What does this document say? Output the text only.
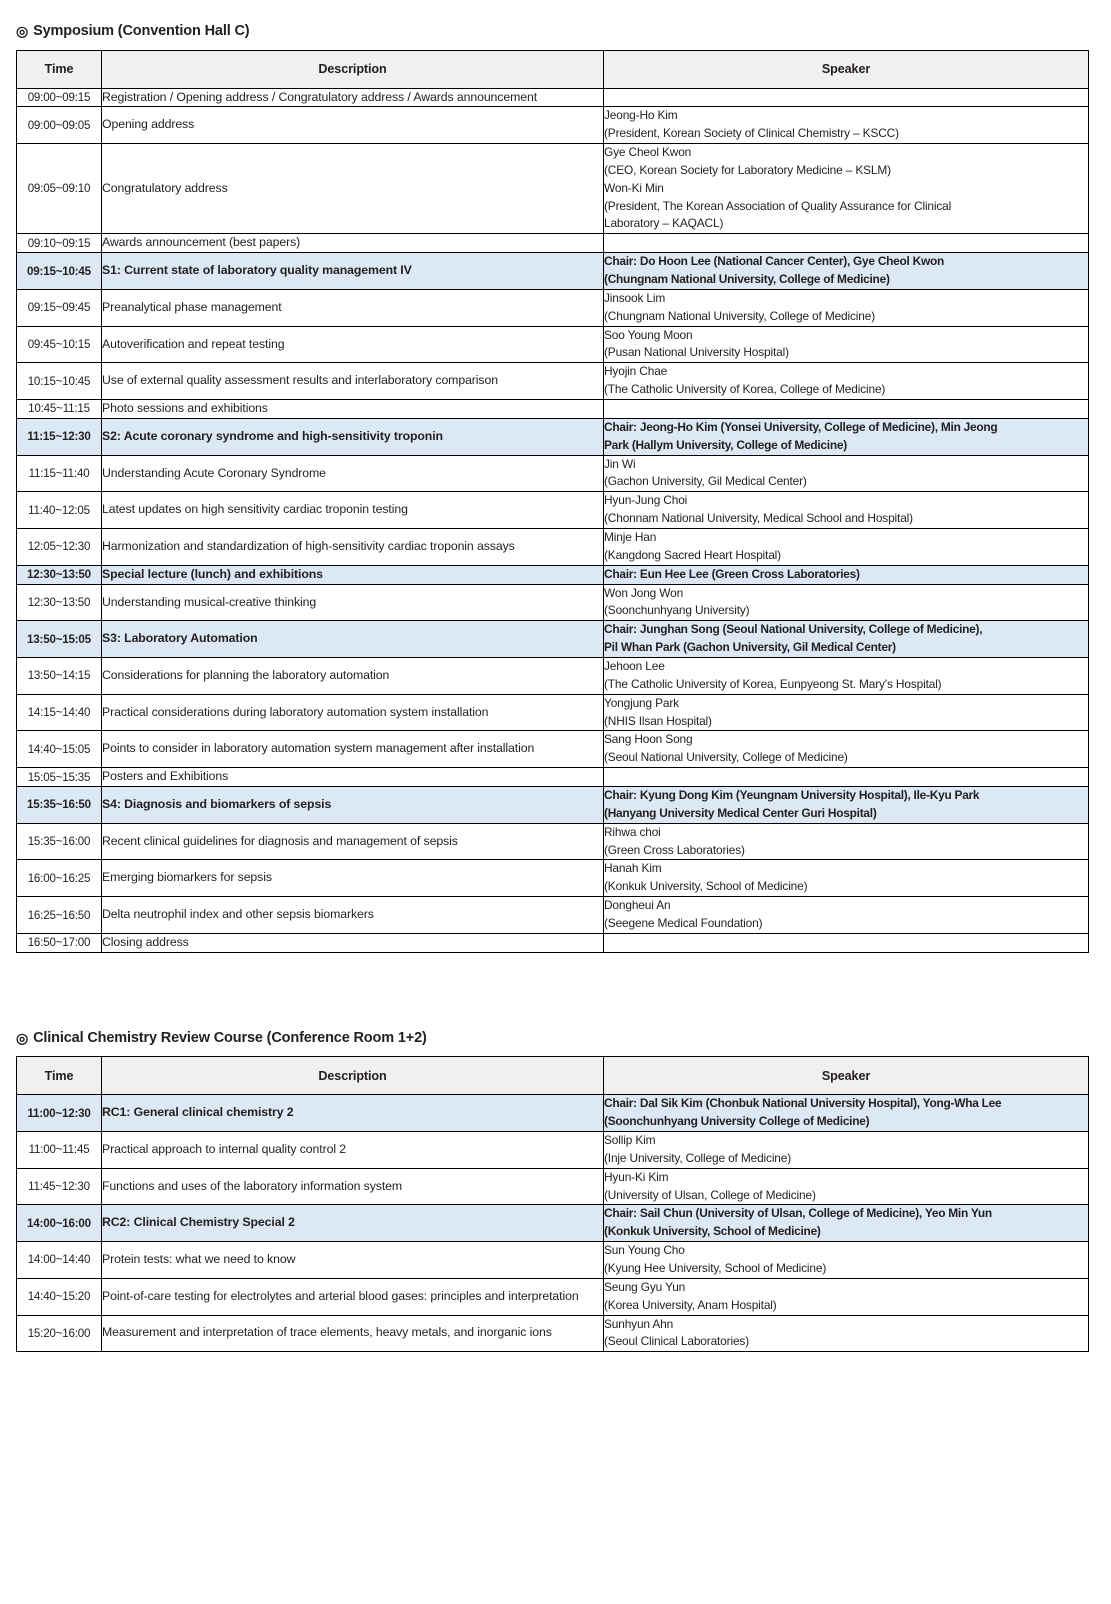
◎ Symposium (Convention Hall C)
Time	Description	Speaker
09:00~09:15	Registration / Opening address / Congratulatory address / Awards announcement	
09:00~09:05	Opening address	Jeong-Ho Kim
(President, Korean Society of Clinical Chemistry – KSCC)

09:05~09:10	Congratulatory address	Gye Cheol Kwon
(CEO, Korean Society for Laboratory Medicine – KSLM)
Won-Ki Min
(President, The Korean Association of Quality Assurance for Clinical
Laboratory – KAQACL)

09:10~09:15	Awards announcement (best papers)	
09:15~10:45	S1: Current state of laboratory quality management IV	Chair: Do Hoon Lee (National Cancer Center), Gye Cheol Kwon
(Chungnam National University, College of Medicine)

09:15~09:45	Preanalytical phase management	Jinsook Lim
(Chungnam National University, College of Medicine)

09:45~10:15	Autoverification and repeat testing	Soo Young Moon
(Pusan National University Hospital)

10:15~10:45	Use of external quality assessment results and interlaboratory comparison	Hyojin Chae
(The Catholic University of Korea, College of Medicine)

10:45~11:15	Photo sessions and exhibitions	
11:15~12:30	S2: Acute coronary syndrome and high-sensitivity troponin	Chair: Jeong-Ho Kim (Yonsei University, College of Medicine), Min Jeong
Park (Hallym University, College of Medicine)

11:15~11:40	Understanding Acute Coronary Syndrome	Jin Wi
(Gachon University, Gil Medical Center)

11:40~12:05	Latest updates on high sensitivity cardiac troponin testing	Hyun-Jung Choi
(Chonnam National University, Medical School and Hospital)

12:05~12:30	Harmonization and standardization of high-sensitivity cardiac troponin assays	Minje Han
(Kangdong Sacred Heart Hospital)

12:30~13:50	Special lecture (lunch) and exhibitions	Chair: Eun Hee Lee (Green Cross Laboratories)

12:30~13:50	Understanding musical-creative thinking	Won Jong Won
(Soonchunhyang University)

13:50~15:05	S3: Laboratory Automation	Chair: Junghan Song (Seoul National University, College of Medicine),
Pil Whan Park (Gachon University, Gil Medical Center)

13:50~14:15	Considerations for planning the laboratory automation	Jehoon Lee
(The Catholic University of Korea, Eunpyeong St. Mary's Hospital)

14:15~14:40	Practical considerations during laboratory automation system installation	Yongjung Park
(NHIS Ilsan Hospital)

14:40~15:05	Points to consider in laboratory automation system management after installation	Sang Hoon Song
(Seoul National University, College of Medicine)

15:05~15:35	Posters and Exhibitions	
15:35~16:50	S4: Diagnosis and biomarkers of sepsis	Chair: Kyung Dong Kim (Yeungnam University Hospital), Ile-Kyu Park
(Hanyang University Medical Center Guri Hospital)

15:35~16:00	Recent clinical guidelines for diagnosis and management of sepsis	Rihwa choi
(Green Cross Laboratories)

16:00~16:25	Emerging biomarkers for sepsis	Hanah Kim
(Konkuk University, School of Medicine)

16:25~16:50	Delta neutrophil index and other sepsis biomarkers	Dongheui An
(Seegene Medical Foundation)

16:50~17:00	Closing address	
◎ Clinical Chemistry Review Course (Conference Room 1+2)
Time	Description	Speaker
11:00~12:30	RC1: General clinical chemistry 2	Chair: Dal Sik Kim (Chonbuk National University Hospital), Yong-Wha Lee
(Soonchunhyang University College of Medicine)

11:00~11:45	Practical approach to internal quality control 2	Sollip Kim
(Inje University, College of Medicine)

11:45~12:30	Functions and uses of the laboratory information system	Hyun-Ki Kim
(University of Ulsan, College of Medicine)

14:00~16:00	RC2: Clinical Chemistry Special 2	Chair: Sail Chun (University of Ulsan, College of Medicine), Yeo Min Yun
(Konkuk University, School of Medicine)

14:00~14:40	Protein tests: what we need to know	Sun Young Cho
(Kyung Hee University, School of Medicine)

14:40~15:20	Point-of-care testing for electrolytes and arterial blood gases: principles and interpretation	Seung Gyu Yun
(Korea University, Anam Hospital)

15:20~16:00	Measurement and interpretation of trace elements, heavy metals, and inorganic ions	Sunhyun Ahn
(Seoul Clinical Laboratories)
